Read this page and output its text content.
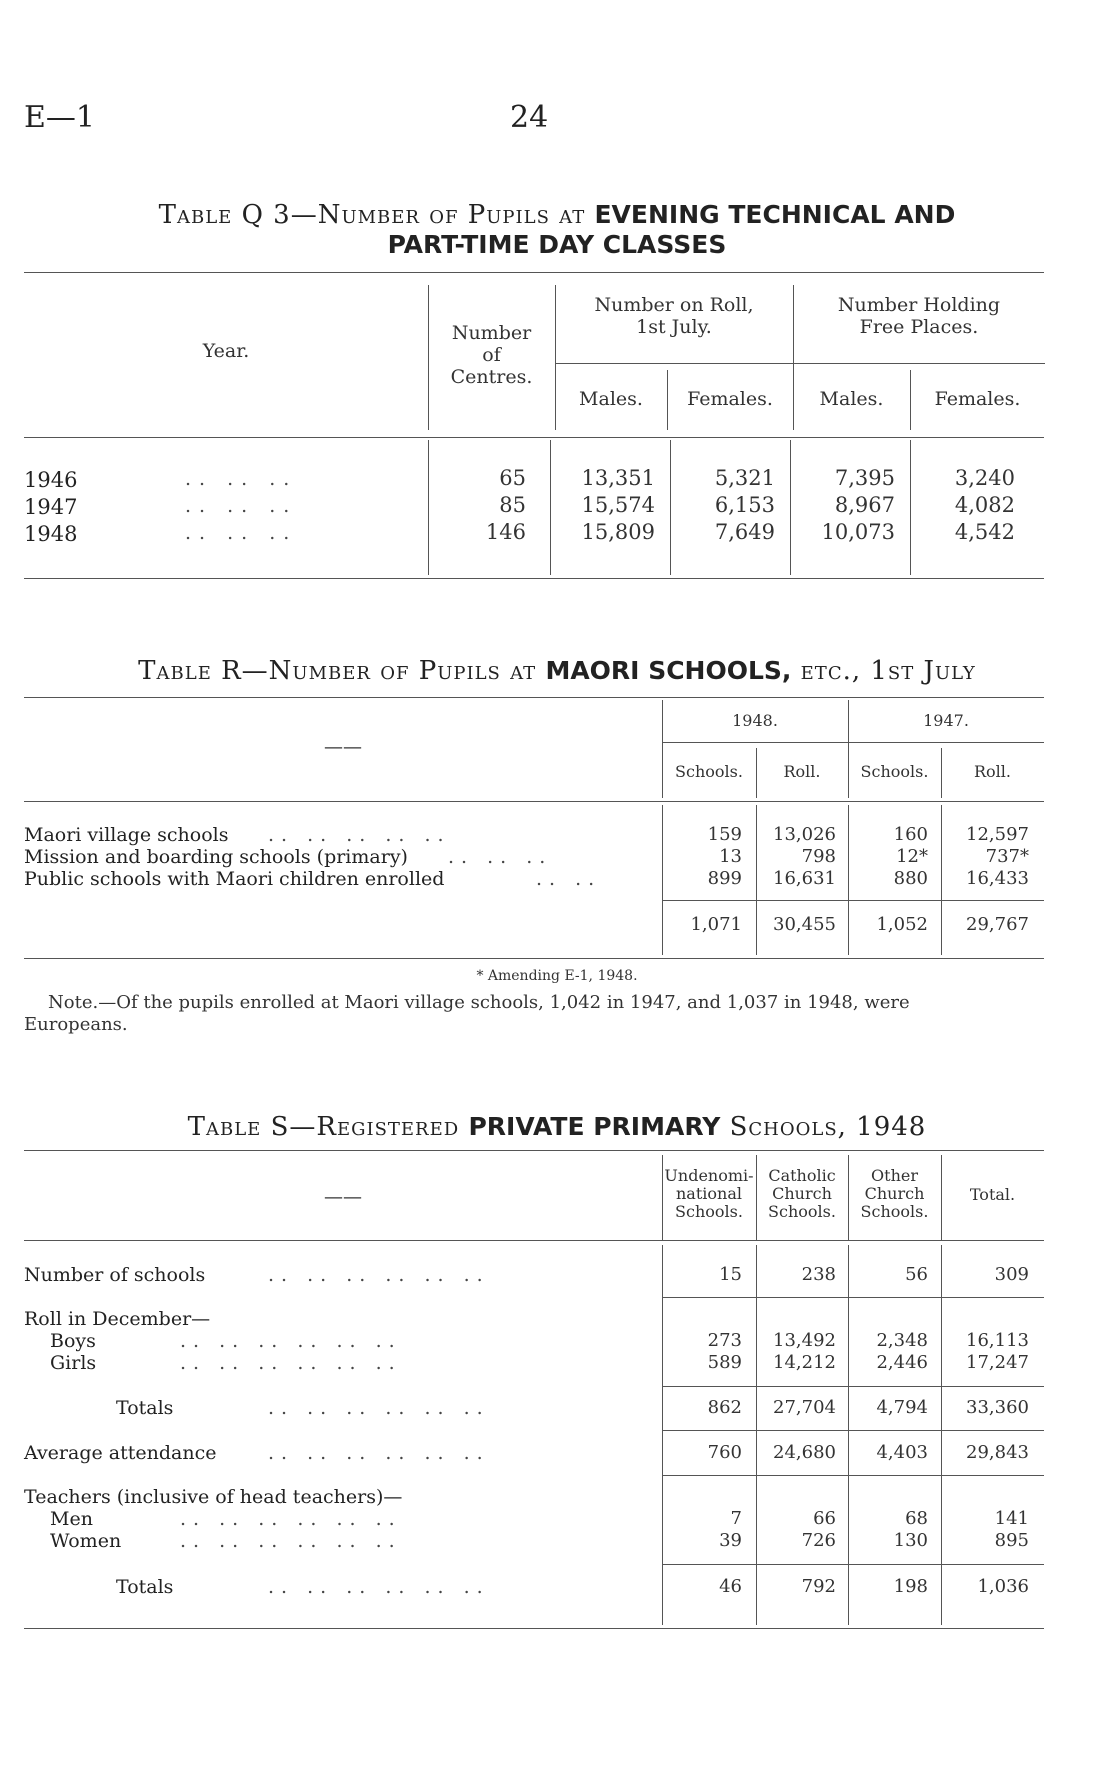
E—1	24
Table Q 3—Number of Pupils at EVENING TECHNICAL AND
PART-TIME DAY CLASSES
Year.
Number
of
Centres.
Number on Roll,
1st July.
Number Holding
Free Places.
Males.	Females.	Males.	Females.
1946	.. .. ..	65	13,351	5,321	7,395	3,240
1947	.. .. ..	85	15,574	6,153	8,967	4,082
1948	.. .. ..	146	15,809	7,649	10,073	4,542
Table R—Number of Pupils at MAORI SCHOOLS, etc., 1st July
——
1948.	1947.
Schools.	Roll.	Schools.	Roll.
Maori village schools .. .. .. .. ..	159	13,026	160	12,597
Mission and boarding schools (primary) .. .. ..	13	798	12*	737*
Public schools with Maori children enrolled	.. ..	899	16,631	880	16,433
1,071	30,455	1,052	29,767
* Amending E-1, 1948.
Note.—Of the pupils enrolled at Maori village schools, 1,042 in 1947, and 1,037 in 1948, were
Europeans.
Table S—Registered PRIVATE PRIMARY Schools, 1948
——
Undenomi-
national
Schools.
Catholic
Church
Schools.
Other
Church
Schools.
Total.
Number of schools	.. .. .. .. .. ..	15	238	56	309
Roll in December—
Boys	.. .. .. .. .. ..	273	13,492	2,348	16,113
Girls	.. .. .. .. .. ..	589	14,212	2,446	17,247
Totals	.. .. .. .. .. ..	862	27,704	4,794	33,360
Average attendance	.. .. .. .. .. ..	760	24,680	4,403	29,843
Teachers (inclusive of head teachers)—
Men	.. .. .. .. .. ..	7	66	68	141
Women	.. .. .. .. .. ..	39	726	130	895
Totals	.. .. .. .. .. ..	46	792	198	1,036
